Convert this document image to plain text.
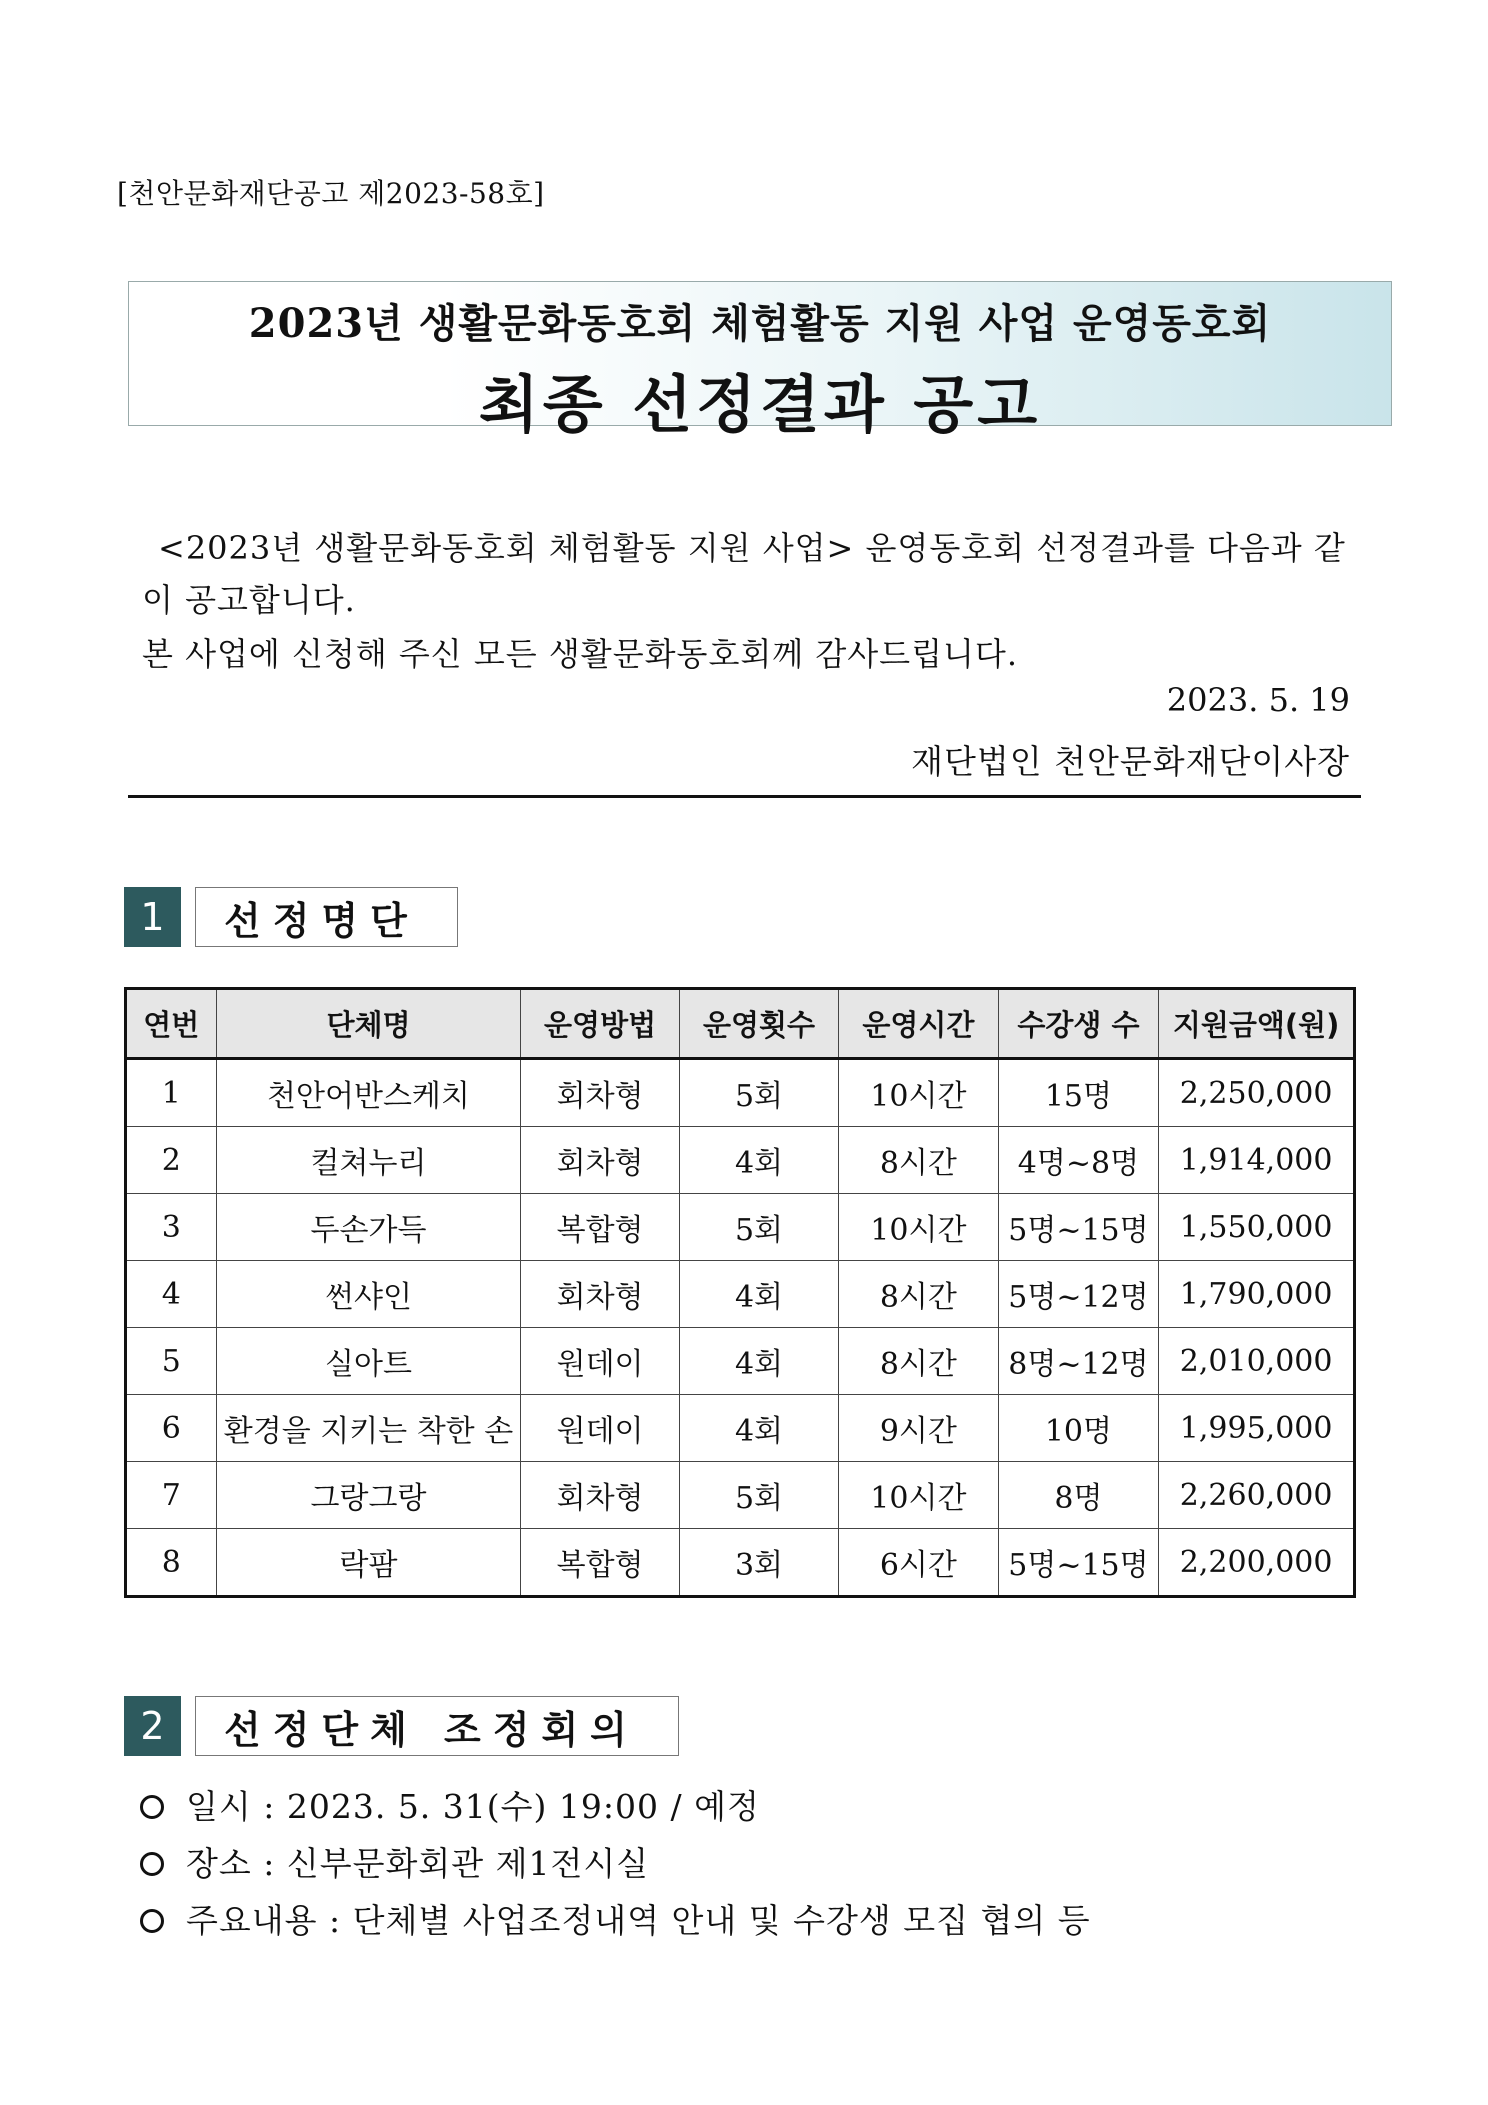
[천안문화재단공고 제2023-58호]
2023년 생활문화동호회 체험활동 지원 사업 운영동호회
최종 선정결과 공고
<2023년 생활문화동호회 체험활동 지원 사업> 운영동호회 선정결과를 다음과 같이 공고합니다.
본 사업에 신청해 주신 모든 생활문화동호회께 감사드립니다.
2023. 5. 19
재단법인 천안문화재단이사장
1	선정명단
연번	단체명	운영방법	운영횟수	운영시간	수강생 수	지원금액(원)
1	천안어반스케치	회차형	5회	10시간	15명	2,250,000
2	컬쳐누리	회차형	4회	8시간	4명~8명	1,914,000
3	두손가득	복합형	5회	10시간	5명~15명	1,550,000
4	썬샤인	회차형	4회	8시간	5명~12명	1,790,000
5	실아트	원데이	4회	8시간	8명~12명	2,010,000
6	환경을 지키는 착한 손	원데이	4회	9시간	10명	1,995,000
7	그랑그랑	회차형	5회	10시간	8명	2,260,000
8	락팜	복합형	3회	6시간	5명~15명	2,200,000
2	선정단체 조정회의
일시 : 2023. 5. 31(수) 19:00 / 예정
장소 : 신부문화회관 제1전시실
주요내용 : 단체별 사업조정내역 안내 및 수강생 모집 협의 등
